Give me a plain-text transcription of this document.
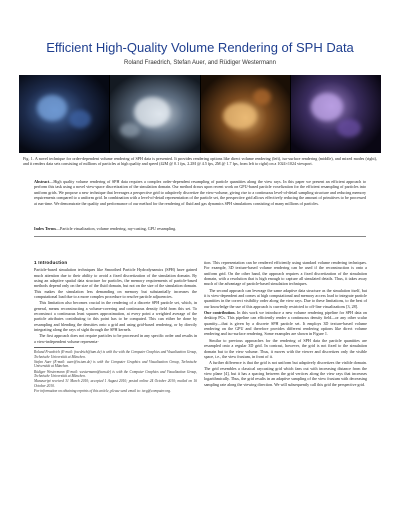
Efficient High-Quality Volume Rendering of SPH Data
Roland Fraedrich, Stefan Auer, and Rüdiger Westermann
Fig. 1. A novel technique for order-dependent volume rendering of SPH data is presented. It provides rendering options like direct volume rendering (left), iso-surface rendering (middle), and mixed modes (right), and it renders data sets consisting of millions of particles at high quality and speed (42M @ 0.1 fps, 2.2M @ 4.5 fps, 2M @ 1.7 fps, from left to right) on a 1024×1024 viewport.
Abstract—High quality volume rendering of SPH data requires a complex order-dependent resampling of particle quantities along the view rays. In this paper we present an efficient approach to perform this task using a novel view-space discretization of the simulation domain. Our method draws upon recent work on GPU-based particle voxelization for the efficient resampling of particles into uniform grids. We propose a new technique that leverages a perspective grid to adaptively discretize the view-volume, giving rise to a continuous level-of-detail sampling structure and reducing memory requirements compared to a uniform grid. In combination with a level-of-detail representation of the particle set, the perspective grid allows effectively reducing the amount of primitives to be processed at run-time. We demonstrate the quality and performance of our method for the rendering of fluid and gas dynamics SPH simulations consisting of many millions of particles.
Index Terms—Particle visualization, volume rendering, ray-casting, GPU resampling.
1 Introduction

Particle-based simulation techniques like Smoothed Particle Hydrodynamics (SPH) have gained much attention due to their ability to avoid a fixed discretization of the simulation domain. By using an adaptive spatial data structure for particles, the memory requirements of particle-based methods depend only on the size of the fluid domain, but not on the size of the simulation domain. This makes the simulation less demanding on memory but substantially increases the computational load due to a more complex procedure to resolve particle adjacencies.

This limitation also becomes crucial in the rendering of a discrete SPH particle set, which, in general, means reconstructing a volume-covering and continuous density field from this set. To reconstruct a continuous least squares approximation, at every point a weighted average of the particle attributes contributing to this point has to be computed. This can either be done by resampling and blending the densities onto a grid and using grid-based rendering, or by directly integrating along the rays of sight through the SPH kernels.

The first approach does not require particles to be processed in any specific order and results in a view-independent volume representa-

Roland Fraedrich (E-mail: fraedrich@tum.de) is with the with the Computer Graphics and Visualization Group, Technische Universität at München.
Stefan Auer (E-mail: auer@in.tum.de) is with the Computer Graphics and Visualization Group, Technische Universität at München.
Rüdiger Westermann (E-mail: westermann@tum.de) is with the Computer Graphics and Visualization Group, Technische Universität at München.
Manuscript received 31 March 2010; accepted 1 August 2010; posted online 24 October 2010; mailed on 16 October 2010.
For information on obtaining reprints of this article, please send email to: tvcg@computer.org.

tion. This representation can be rendered efficiently using standard volume rendering techniques. For example, 3D texture-based volume rendering can be used if the reconstruction is onto a uniform grid. On the other hand, the approach requires a fixed discretization of the simulation domain, with a resolution that is high enough to capture all simulated details. Thus, it takes away much of the advantage of particle-based simulation techniques.

The second approach can leverage the same adaptive data structure as the simulation itself, but it is view-dependent and comes at high computational and memory access load to integrate particle quantities in the correct visibility order along the view rays. Due to these limitations, to the best of our knowledge the use of this approach is currently restricted to off-line visualizations [3, 28].

Our contribution. In this work we introduce a new volume rendering pipeline for SPH data on desktop PCs. This pipeline can efficiently render a continuous density field—or any other scalar quantity—that is given by a discrete SPH particle set. It employs 3D texture-based volume rendering on the GPU and therefore provides different rendering options like direct volume rendering and iso-surface rendering. Some examples are shown in Figure 1.

Similar to previous approaches for the rendering of SPH data the particle quantities are resampled onto a regular 3D grid. In contrast, however, the grid is not fixed to the simulation domain but to the view volume. Thus, it moves with the viewer and discretizes only the visible space, i.e., the view frustum, in front of it.

A further difference is that the grid is not uniform but adaptively discretizes the visible domain. The grid resembles a classical raycasting grid which fans out with increasing distance from the view plane [4], but it has a spacing between the grid vertices along the view rays that increases logarithmically. Thus, the grid results in an adaptive sampling of the view frustum with decreasing sampling rate along the viewing direction. We will subsequently call this grid the perspective grid.
